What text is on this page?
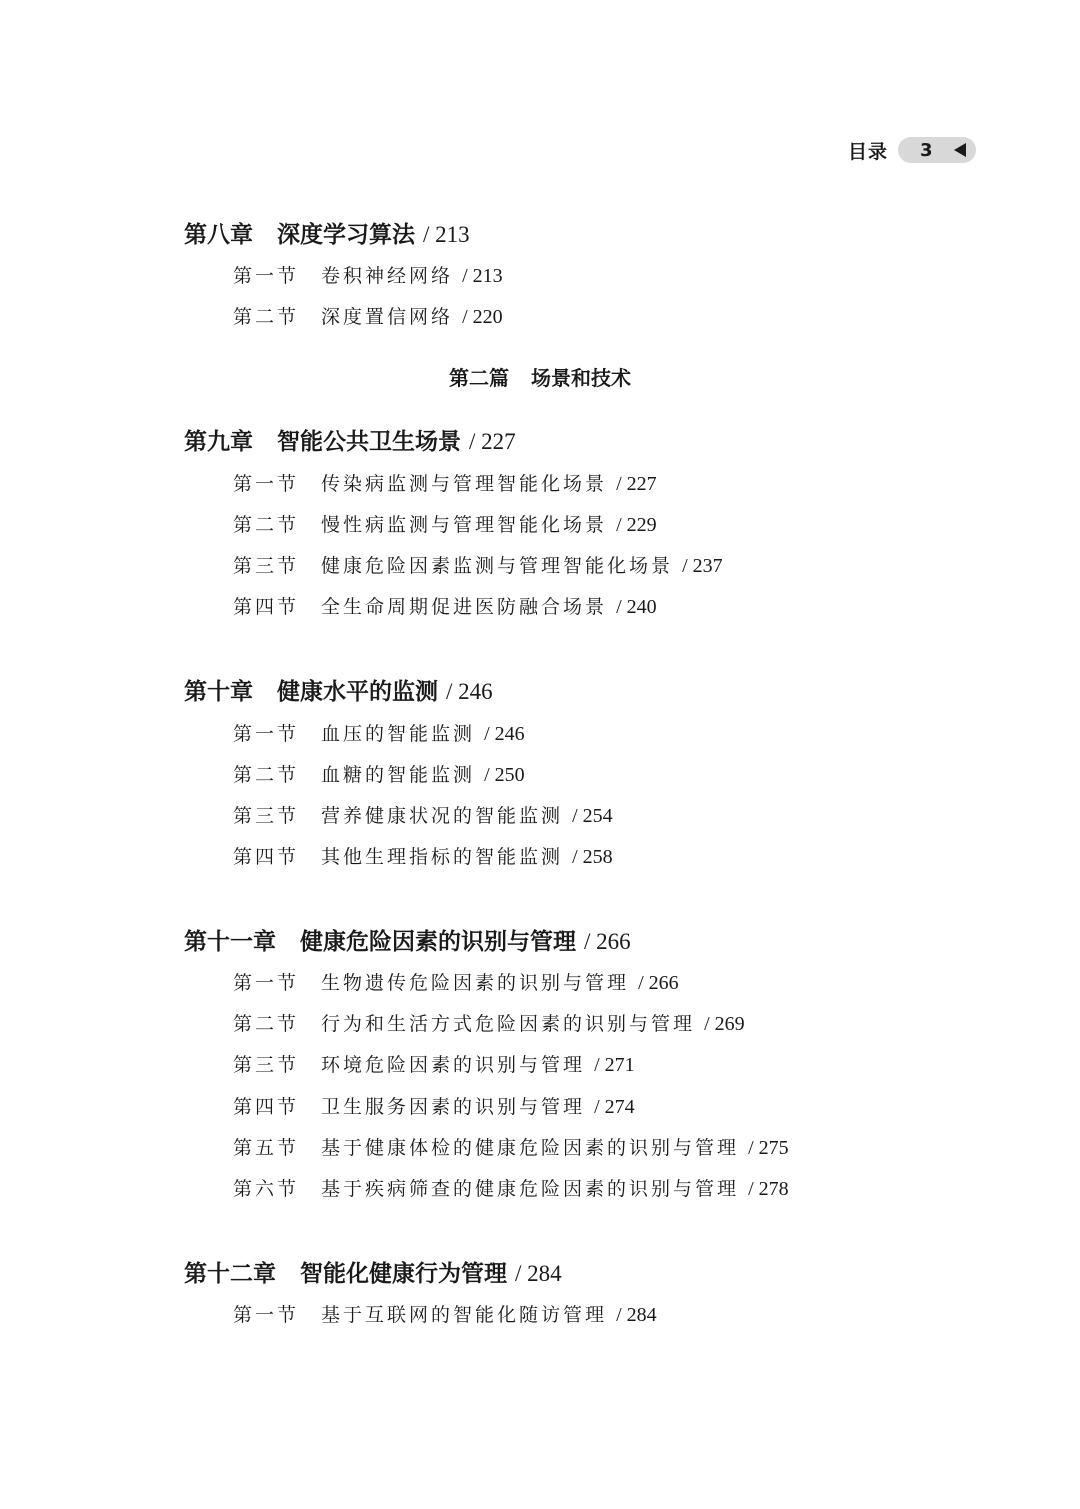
目录 3
第八章 深度学习算法 / 213
第一节 卷积神经网络 / 213
第二节 深度置信网络 / 220
第二篇 场景和技术
第九章 智能公共卫生场景 / 227
第一节 传染病监测与管理智能化场景 / 227
第二节 慢性病监测与管理智能化场景 / 229
第三节 健康危险因素监测与管理智能化场景 / 237
第四节 全生命周期促进医防融合场景 / 240
第十章 健康水平的监测 / 246
第一节 血压的智能监测 / 246
第二节 血糖的智能监测 / 250
第三节 营养健康状况的智能监测 / 254
第四节 其他生理指标的智能监测 / 258
第十一章 健康危险因素的识别与管理 / 266
第一节 生物遗传危险因素的识别与管理 / 266
第二节 行为和生活方式危险因素的识别与管理 / 269
第三节 环境危险因素的识别与管理 / 271
第四节 卫生服务因素的识别与管理 / 274
第五节 基于健康体检的健康危险因素的识别与管理 / 275
第六节 基于疾病筛查的健康危险因素的识别与管理 / 278
第十二章 智能化健康行为管理 / 284
第一节 基于互联网的智能化随访管理 / 284
